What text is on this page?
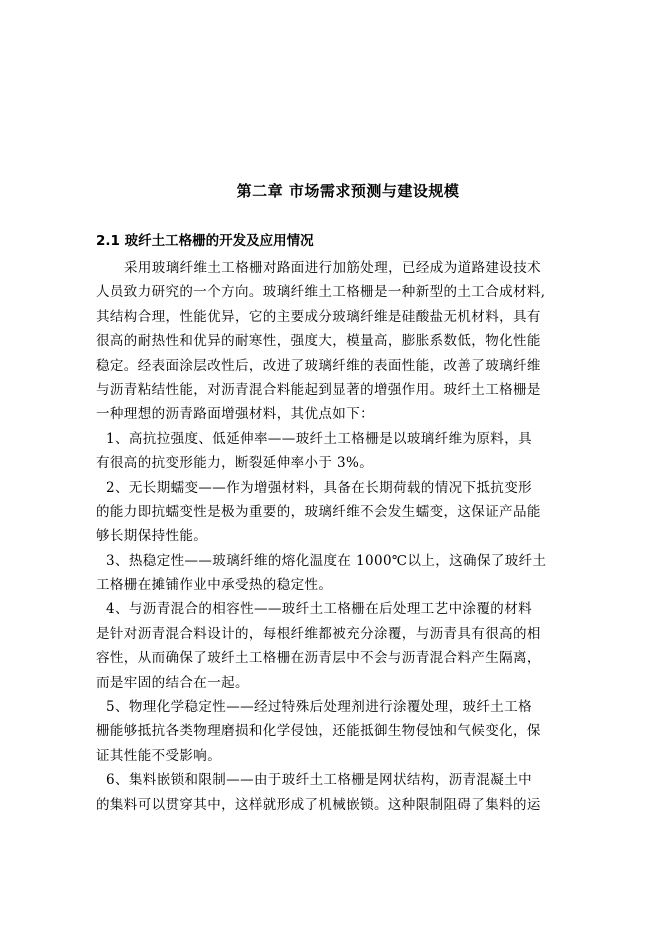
第二章 市场需求预测与建设规模
2.1 玻纤土工格栅的开发及应用情况
采用玻璃纤维土工格栅对路面进行加筋处理，已经成为道路建设技术
人员致力研究的一个方向。玻璃纤维土工格栅是一种新型的土工合成材料,
其结构合理，性能优异，它的主要成分玻璃纤维是硅酸盐无机材料，具有
很高的耐热性和优异的耐寒性，强度大，模量高，膨胀系数低，物化性能
稳定。经表面涂层改性后，改进了玻璃纤维的表面性能，改善了玻璃纤维
与沥青粘结性能，对沥青混合料能起到显著的增强作用。玻纤土工格栅是
一种理想的沥青路面增强材料，其优点如下：
1、高抗拉强度、低延伸率——玻纤土工格栅是以玻璃纤维为原料，具
有很高的抗变形能力，断裂延伸率小于 3%。
2、无长期蠕变——作为增强材料，具备在长期荷载的情况下抵抗变形
的能力即抗蠕变性是极为重要的，玻璃纤维不会发生蠕变，这保证产品能
够长期保持性能。
3、热稳定性——玻璃纤维的熔化温度在 1000℃以上，这确保了玻纤土
工格栅在摊铺作业中承受热的稳定性。
4、与沥青混合的相容性——玻纤土工格栅在后处理工艺中涂覆的材料
是针对沥青混合料设计的，每根纤维都被充分涂覆，与沥青具有很高的相
容性，从而确保了玻纤土工格栅在沥青层中不会与沥青混合料产生隔离，
而是牢固的结合在一起。
5、物理化学稳定性——经过特殊后处理剂进行涂覆处理，玻纤土工格
栅能够抵抗各类物理磨损和化学侵蚀，还能抵御生物侵蚀和气候变化，保
证其性能不受影响。
6、集料嵌锁和限制——由于玻纤土工格栅是网状结构，沥青混凝土中
的集料可以贯穿其中，这样就形成了机械嵌锁。这种限制阻碍了集料的运
